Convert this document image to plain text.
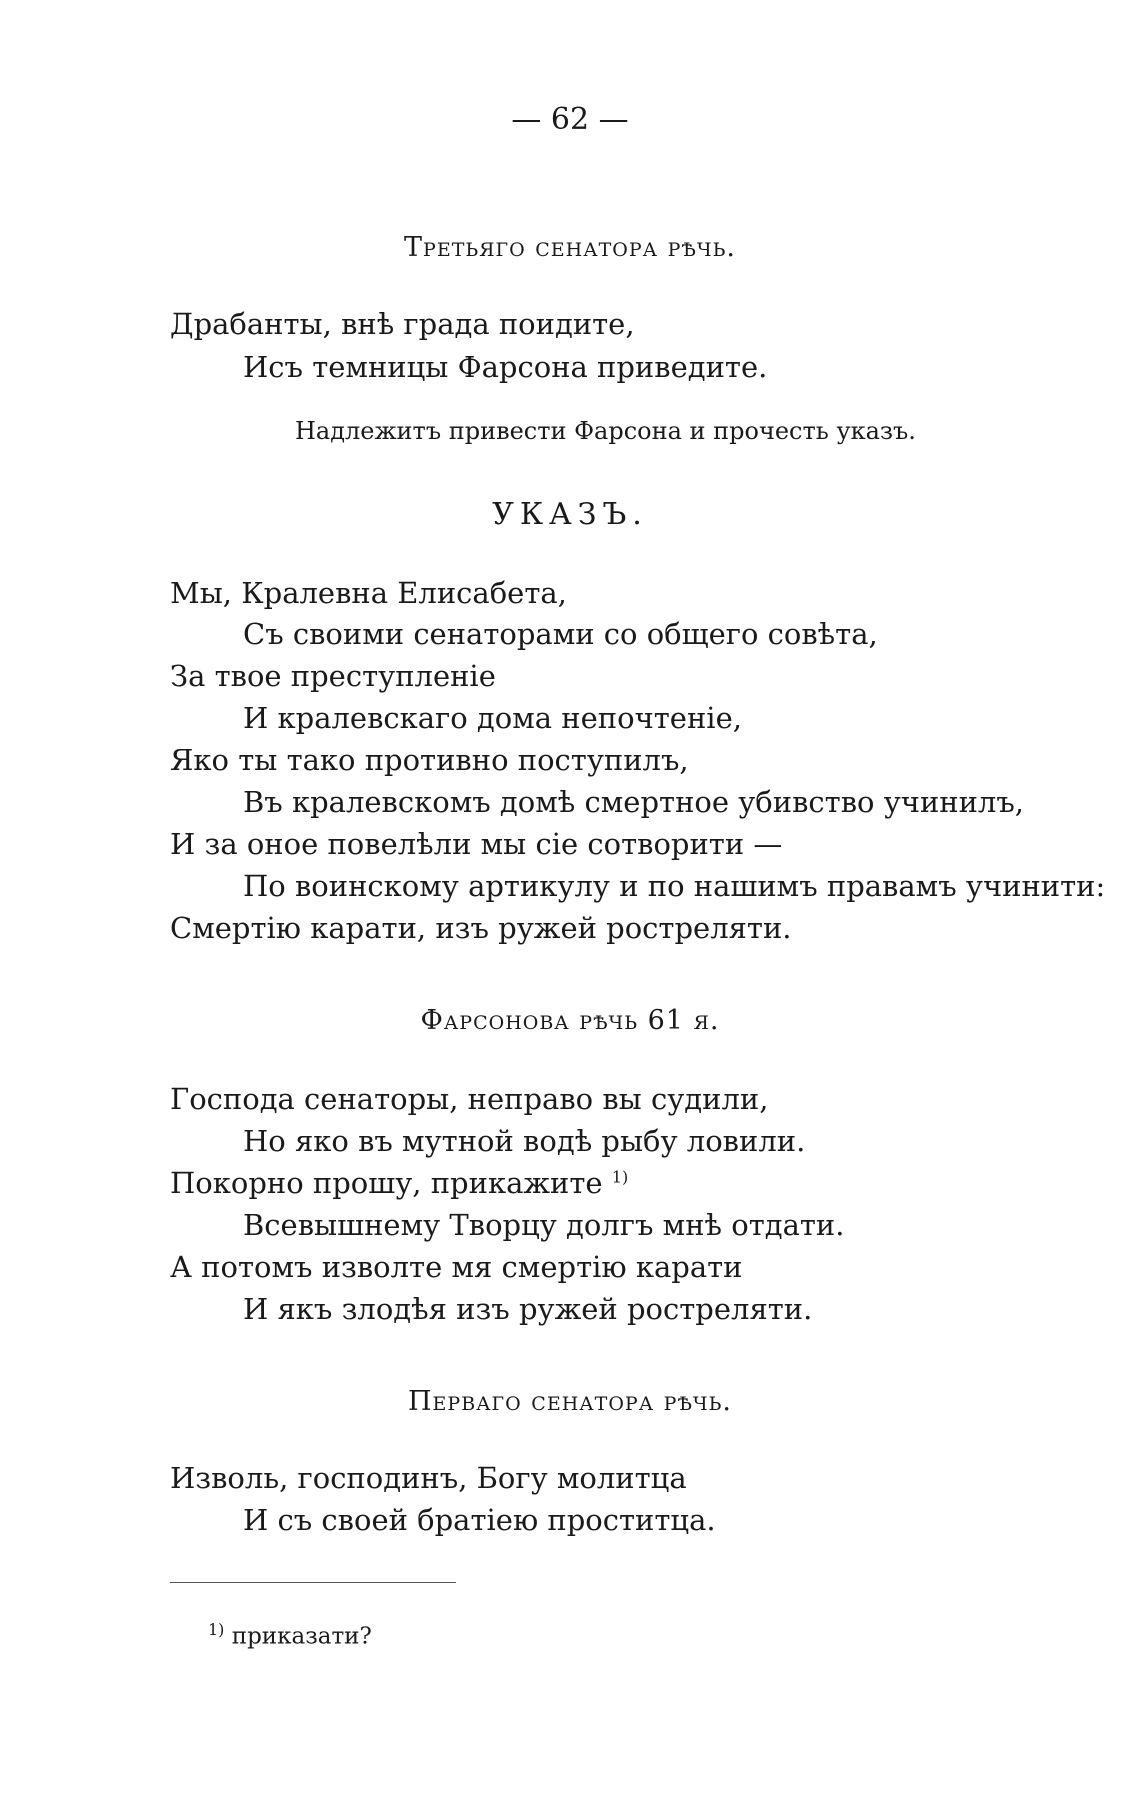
— 62 —
Третьяго сенатора рѣчь.
Драбанты, внѣ града поидите,
Исъ темницы Фарсона приведите.
Надлежитъ привести Фарсона и прочесть указъ.
УКАЗЪ.
Мы, Кралевна Елисабета,
Съ своими сенаторами со общего совѣта,
За твое преступленіе
И кралевскаго дома непочтеніе,
Яко ты тако противно поступилъ,
Въ кралевскомъ домѣ смертное убивство учинилъ,
И за оное повелѣли мы сіе сотворити —
По воинскому артикулу и по нашимъ правамъ учинити:
Смертію карати, изъ ружей ростреляти.
Фарсонова рѣчь 61 я.
Господа сенаторы, неправо вы судили,
Но яко въ мутной водѣ рыбу ловили.
Покорно прошу, прикажите $^{1)}$
Всевышнему Творцу долгъ мнѣ отдати.
А потомъ изволте мя смертію карати
И якъ злодѣя изъ ружей ростреляти.
Перваго сенатора рѣчь.
Изволь, господинъ, Богу молитца
И съ своей братіею проститца.
$^{1)}$ приказати?
